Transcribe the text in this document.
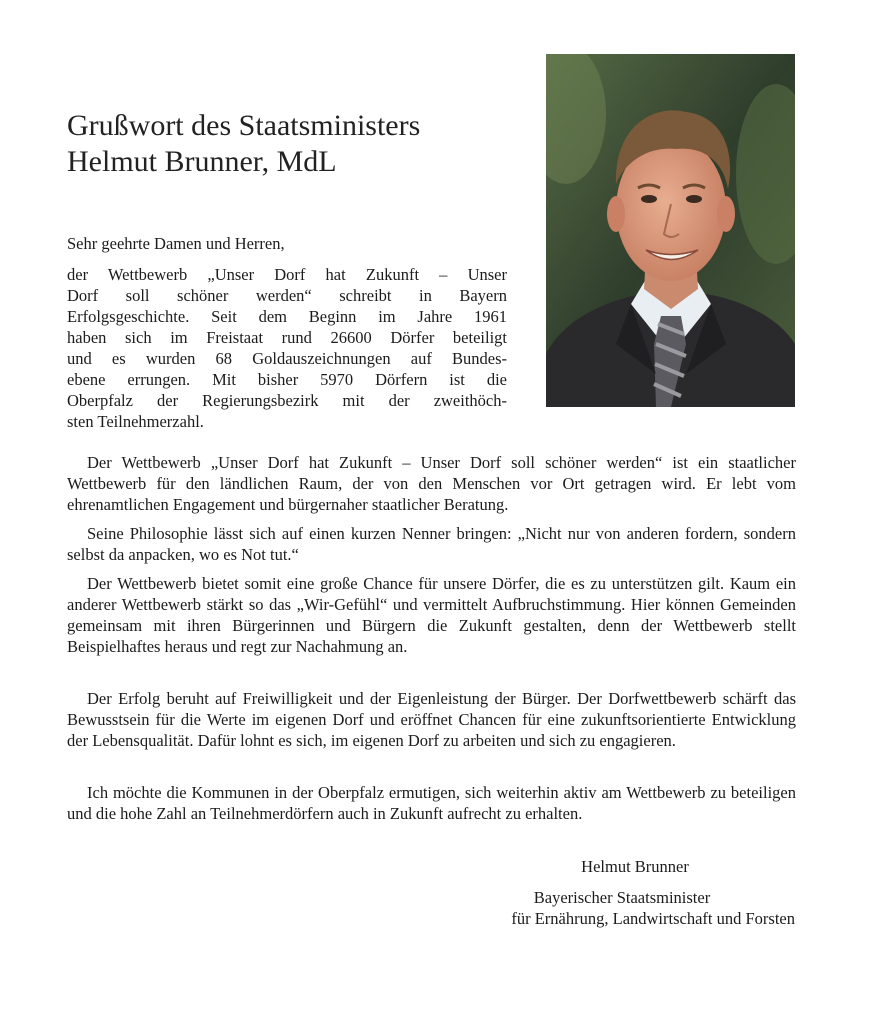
Grußwort des Staatsministers
Helmut Brunner, MdL

Sehr geehrte Damen und Herren,

der Wettbewerb „Unser Dorf hat Zukunft – Unser
Dorf soll schöner werden“ schreibt in Bayern
Erfolgsgeschichte. Seit dem Beginn im Jahre 1961
haben sich im Freistaat rund 26600 Dörfer beteiligt
und es wurden 68 Goldauszeichnungen auf Bundes-
ebene errungen. Mit bisher 5970 Dörfern ist die
Oberpfalz der Regierungsbezirk mit der zweithöch-
sten Teilnehmerzahl.

Der Wettbewerb „Unser Dorf hat Zukunft – Unser Dorf soll schöner werden“ ist ein staatlicher Wettbewerb für den ländlichen Raum, der von den Menschen vor Ort getragen wird. Er lebt vom ehrenamtlichen Engagement und bürgernaher staatlicher Beratung.

Seine Philosophie lässt sich auf einen kurzen Nenner bringen: „Nicht nur von anderen fordern, sondern selbst da anpacken, wo es Not tut.“

Der Wettbewerb bietet somit eine große Chance für unsere Dörfer, die es zu unterstützen gilt. Kaum ein anderer Wettbewerb stärkt so das „Wir-Gefühl“ und vermittelt Aufbruchstimmung. Hier können Gemeinden gemeinsam mit ihren Bürgerinnen und Bürgern die Zukunft gestalten, denn der Wettbewerb stellt Beispielhaftes heraus und regt zur Nachahmung an.

Der Erfolg beruht auf Freiwilligkeit und der Eigenleistung der Bürger. Der Dorfwettbewerb schärft das Bewusstsein für die Werte im eigenen Dorf und eröffnet Chancen für eine zukunftsorientierte Entwicklung der Lebensqualität. Dafür lohnt es sich, im eigenen Dorf zu arbeiten und sich zu engagieren.

Ich möchte die Kommunen in der Oberpfalz ermutigen, sich weiterhin aktiv am Wettbewerb zu beteiligen und die hohe Zahl an Teilnehmerdörfern auch in Zukunft aufrecht zu erhalten.

Helmut Brunner
Bayerischer Staatsminister
für Ernährung, Landwirtschaft und Forsten
